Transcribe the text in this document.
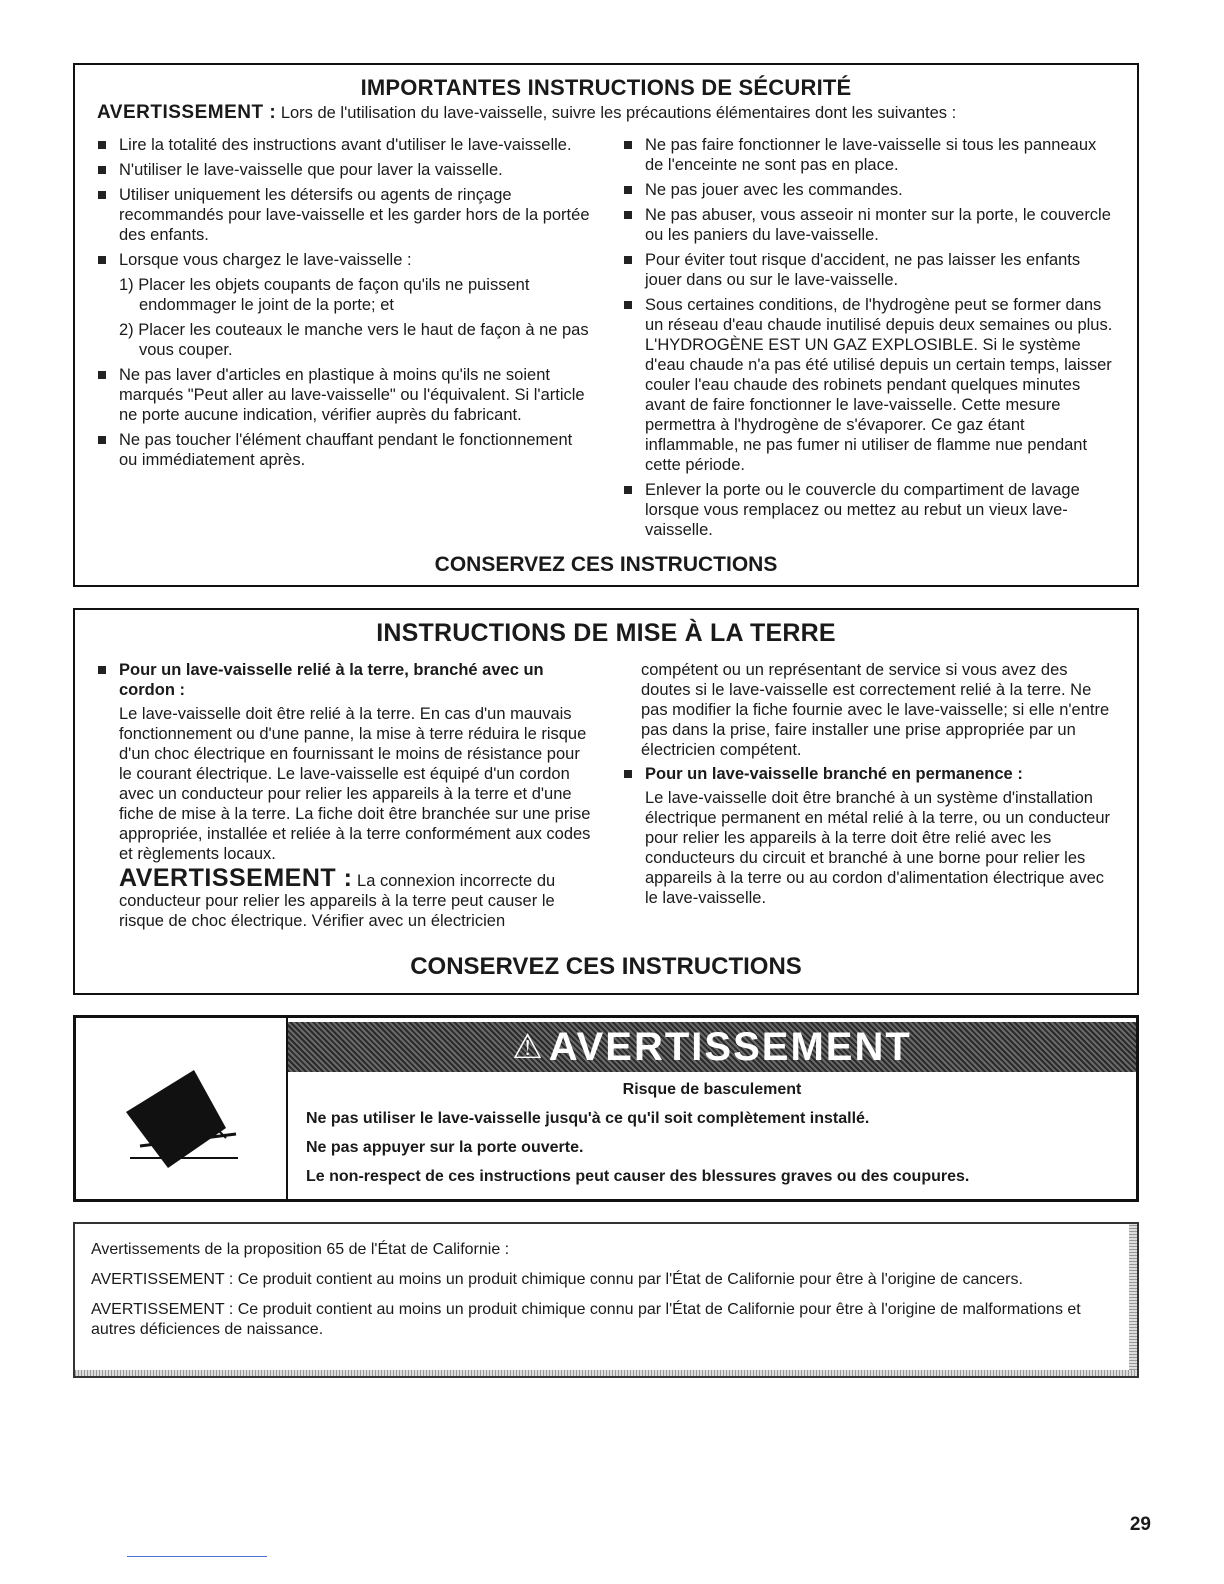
IMPORTANTES INSTRUCTIONS DE SÉCURITÉ
AVERTISSEMENT : Lors de l'utilisation du lave-vaisselle, suivre les précautions élémentaires dont les suivantes :
Lire la totalité des instructions avant d'utiliser le lave-vaisselle.
N'utiliser le lave-vaisselle que pour laver la vaisselle.
Utiliser uniquement les détersifs ou agents de rinçage recommandés pour lave-vaisselle et les garder hors de la portée des enfants.
Lorsque vous chargez le lave-vaisselle :
1) Placer les objets coupants de façon qu'ils ne puissent endommager le joint de la porte; et
2) Placer les couteaux le manche vers le haut de façon à ne pas vous couper.
Ne pas laver d'articles en plastique à moins qu'ils ne soient marqués "Peut aller au lave-vaisselle" ou l'équivalent. Si l'article ne porte aucune indication, vérifier auprès du fabricant.
Ne pas toucher l'élément chauffant pendant le fonctionnement ou immédiatement après.
Ne pas faire fonctionner le lave-vaisselle si tous les panneaux de l'enceinte ne sont pas en place.
Ne pas jouer avec les commandes.
Ne pas abuser, vous asseoir ni monter sur la porte, le couvercle ou les paniers du lave-vaisselle.
Pour éviter tout risque d'accident, ne pas laisser les enfants jouer dans ou sur le lave-vaisselle.
Sous certaines conditions, de l'hydrogène peut se former dans un réseau d'eau chaude inutilisé depuis deux semaines ou plus. L'HYDROGÈNE EST UN GAZ EXPLOSIBLE. Si le système d'eau chaude n'a pas été utilisé depuis un certain temps, laisser couler l'eau chaude des robinets pendant quelques minutes avant de faire fonctionner le lave-vaisselle. Cette mesure permettra à l'hydrogène de s'évaporer. Ce gaz étant inflammable, ne pas fumer ni utiliser de flamme nue pendant cette période.
Enlever la porte ou le couvercle du compartiment de lavage lorsque vous remplacez ou mettez au rebut un vieux lave-vaisselle.
CONSERVEZ CES INSTRUCTIONS
INSTRUCTIONS DE MISE À LA TERRE
Pour un lave-vaisselle relié à la terre, branché avec un cordon :
Le lave-vaisselle doit être relié à la terre. En cas d'un mauvais fonctionnement ou d'une panne, la mise à terre réduira le risque d'un choc électrique en fournissant le moins de résistance pour le courant électrique. Le lave-vaisselle est équipé d'un cordon avec un conducteur pour relier les appareils à la terre et d'une fiche de mise à la terre. La fiche doit être branchée sur une prise appropriée, installée et reliée à la terre conformément aux codes et règlements locaux.
AVERTISSEMENT : La connexion incorrecte du conducteur pour relier les appareils à la terre peut causer le risque de choc électrique. Vérifier avec un électricien
compétent ou un représentant de service si vous avez des doutes si le lave-vaisselle est correctement relié à la terre. Ne pas modifier la fiche fournie avec le lave-vaisselle; si elle n'entre pas dans la prise, faire installer une prise appropriée par un électricien compétent.
Pour un lave-vaisselle branché en permanence :
Le lave-vaisselle doit être branché à un système d'installation électrique permanent en métal relié à la terre, ou un conducteur pour relier les appareils à la terre doit être relié avec les conducteurs du circuit et branché à une borne pour relier les appareils à la terre ou au cordon d'alimentation électrique avec le lave-vaisselle.
CONSERVEZ CES INSTRUCTIONS
⚠ AVERTISSEMENT
Risque de basculement
Ne pas utiliser le lave-vaisselle jusqu'à ce qu'il soit complètement installé.
Ne pas appuyer sur la porte ouverte.
Le non-respect de ces instructions peut causer des blessures graves ou des coupures.

Avertissements de la proposition 65 de l'État de Californie :

AVERTISSEMENT : Ce produit contient au moins un produit chimique connu par l'État de Californie pour être à l'origine de cancers.

AVERTISSEMENT : Ce produit contient au moins un produit chimique connu par l'État de Californie pour être à l'origine de malformations et autres déficiences de naissance.

29
